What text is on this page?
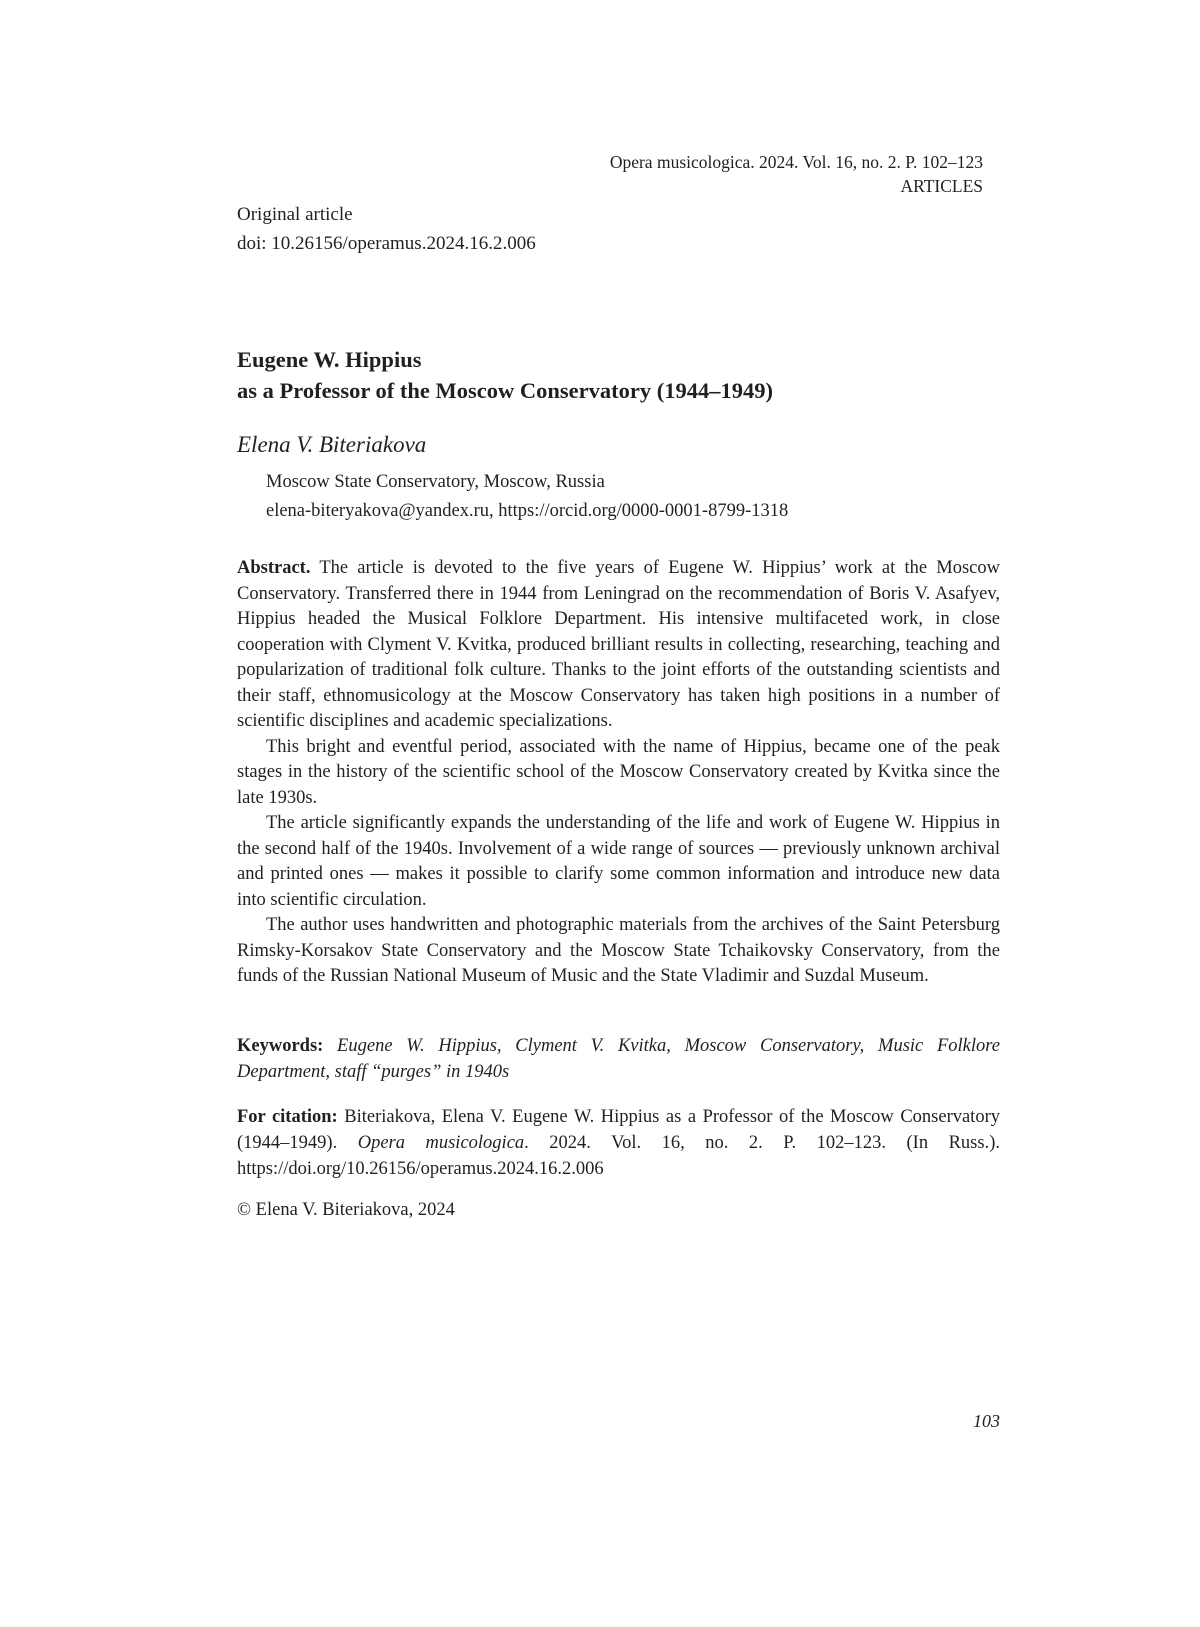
Opera musicologica. 2024. Vol. 16, no. 2. P. 102–123
ARTICLES
Original article
doi: 10.26156/operamus.2024.16.2.006
Eugene W. Hippius
as a Professor of the Moscow Conservatory (1944–1949)
Elena V. Biteriakova
Moscow State Conservatory, Moscow, Russia
elena-biteryakova@yandex.ru, https://orcid.org/0000-0001-8799-1318

Abstract. The article is devoted to the five years of Eugene W. Hippius’ work at the Moscow Conservatory. Transferred there in 1944 from Leningrad on the recommendation of Boris V. Asafyev, Hippius headed the Musical Folklore Department. His intensive multifaceted work, in close cooperation with Clyment V. Kvitka, produced brilliant results in collecting, researching, teaching and popularization of traditional folk culture. Thanks to the joint efforts of the outstanding scientists and their staff, ethnomusicology at the Moscow Conservatory has taken high positions in a number of scientific disciplines and academic specializations.

This bright and eventful period, associated with the name of Hippius, became one of the peak stages in the history of the scientific school of the Moscow Conservatory created by Kvitka since the late 1930s.

The article significantly expands the understanding of the life and work of Eugene W. Hippius in the second half of the 1940s. Involvement of a wide range of sources — previously unknown archival and printed ones — makes it possible to clarify some common information and introduce new data into scientific circulation.

The author uses handwritten and photographic materials from the archives of the Saint Petersburg Rimsky-Korsakov State Conservatory and the Moscow State Tchaikovsky Conservatory, from the funds of the Russian National Museum of Music and the State Vladimir and Suzdal Museum.

Keywords: Eugene W. Hippius, Clyment V. Kvitka, Moscow Conservatory, Music Folklore Department, staff “purges” in 1940s
For citation: Biteriakova, Elena V. Eugene W. Hippius as a Professor of the Moscow Conservatory (1944–1949). Opera musicologica. 2024. Vol. 16, no. 2. P. 102–123. (In Russ.). https://doi.org/10.26156/operamus.2024.16.2.006
© Elena V. Biteriakova, 2024
103
